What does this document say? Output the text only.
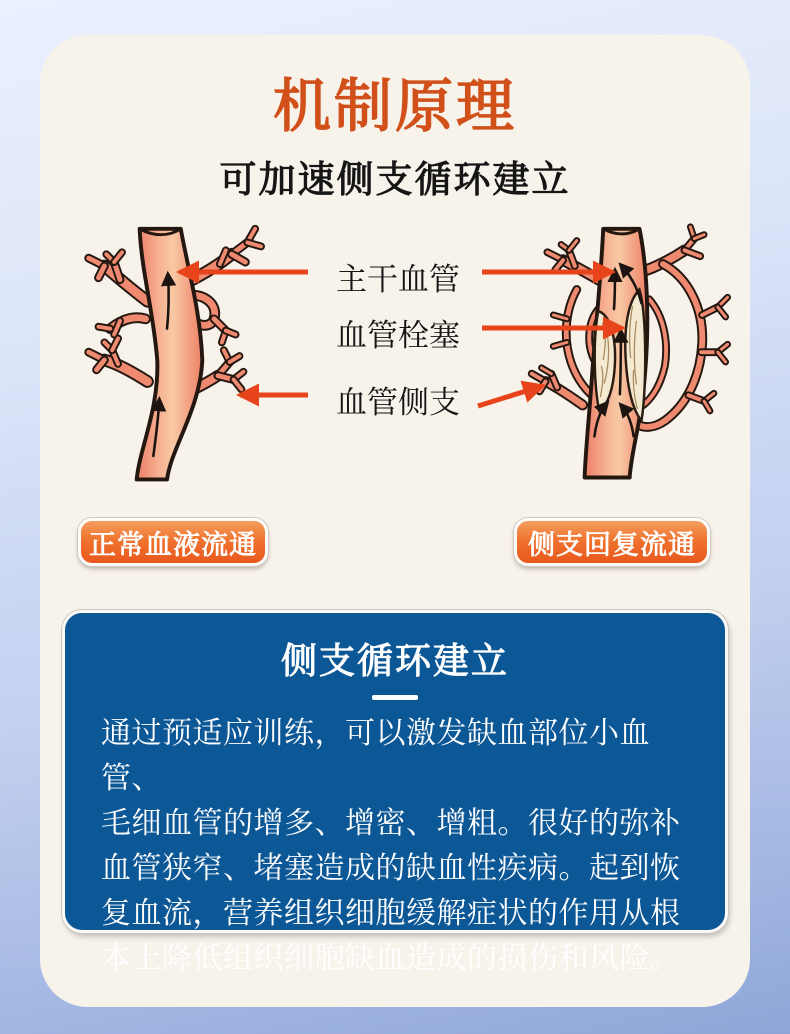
机制原理
可加速侧支循环建立
主干血管
血管栓塞
血管侧支
正常血液流通	侧支回复流通
侧支循环建立

通过预适应训练，可以激发缺血部位小血管、

毛细血管的增多、增密、增粗。很好的弥补

血管狭窄、堵塞造成的缺血性疾病。起到恢

复血流，营养组织细胞缓解症状的作用从根

本上降低组织细胞缺血造成的损伤和风险。
